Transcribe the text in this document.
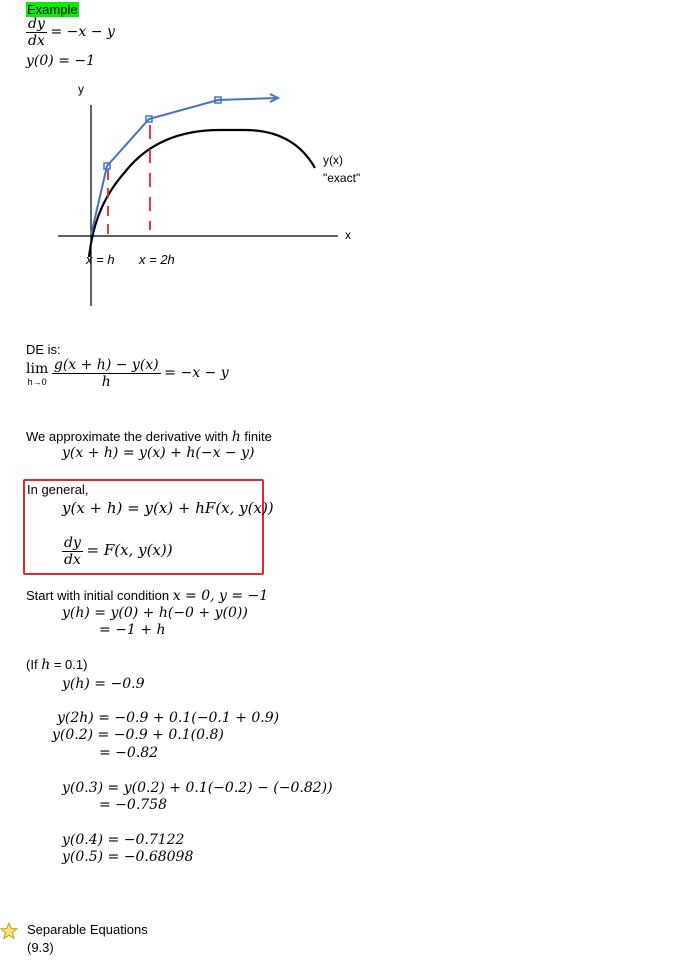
Example
$\frac{dy}{dx} = -x - y$
y(0) = −1
y
x
y(x)
"exact"
x = h x = 2h
DE is:
lim
h→0
$\frac{g(x + h) - y(x)}{h} = -x - y$
We approximate the derivative with h finite
y(x + h) = y(x) + h(−x − y)
In general,
y(x + h) = y(x) + hF(x, y(x))
$\frac{dy}{dx} = F(x$, y(x))
Start with initial condition x = 0, y = −1
y(h) = y(0) + h(−0 + y(0))
= −1 + h
(If h = 0.1)
y(h) = −0.9
y(2h) = −0.9 + 0.1(−0.1 + 0.9)
y(0.2) = −0.9 + 0.1(0.8)
= −0.82
y(0.3) = y(0.2) + 0.1(−0.2) − (−0.82))
= −0.758
y(0.4) = −0.7122
y(0.5) = −0.68098
Separable Equations
(9.3)
